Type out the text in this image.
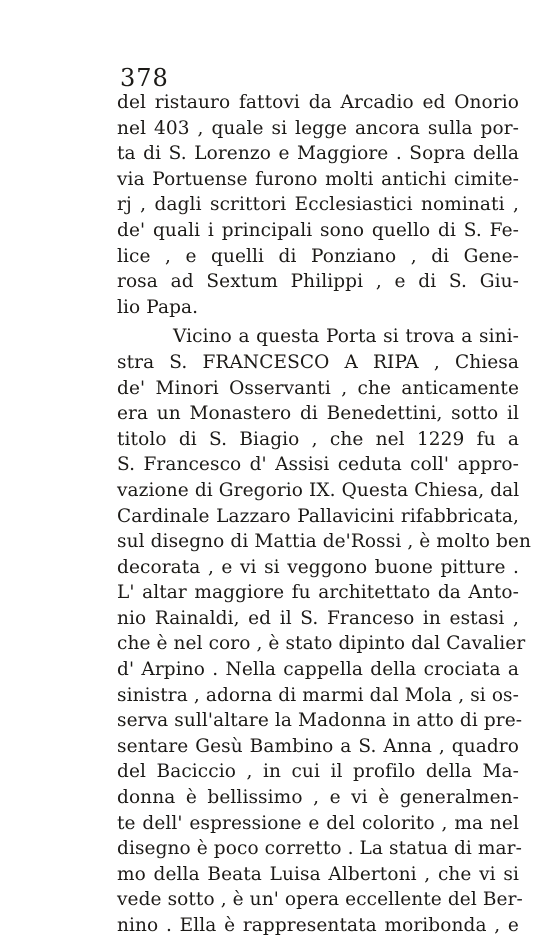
378
del ristauro fattovi da Arcadio ed Onorio
nel 403 , quale si legge ancora sulla por-
ta di S. Lorenzo e Maggiore . Sopra della
via Portuense furono molti antichi cimite-
rj , dagli scrittori Ecclesiastici nominati ,
de' quali i principali sono quello di S. Fe-
lice , e quelli di Ponziano , di Gene-
rosa ad Sextum Philippi , e di S. Giu-
lio Papa.
Vicino a questa Porta si trova a sini-
stra S. FRANCESCO A RIPA , Chiesa
de' Minori Osservanti , che anticamente
era un Monastero di Benedettini, sotto il
titolo di S. Biagio , che nel 1229 fu a
S. Francesco d' Assisi ceduta coll' appro-
vazione di Gregorio IX. Questa Chiesa, dal
Cardinale Lazzaro Pallavicini rifabbricata,
sul disegno di Mattia de'Rossi , è molto ben
decorata , e vi si veggono buone pitture .
L' altar maggiore fu architettato da Anto-
nio Rainaldi, ed il S. Franceso in estasi ,
che è nel coro , è stato dipinto dal Cavalier
d' Arpino . Nella cappella della crociata a
sinistra , adorna di marmi dal Mola , si os-
serva sull'altare la Madonna in atto di pre-
sentare Gesù Bambino a S. Anna , quadro
del Baciccio , in cui il profilo della Ma-
donna è bellissimo , e vi è generalmen-
te dell' espressione e del colorito , ma nel
disegno è poco corretto . La statua di mar-
mo della Beata Luisa Albertoni , che vi si
vede sotto , è un' opera eccellente del Ber-
nino . Ella è rappresentata moribonda , e
